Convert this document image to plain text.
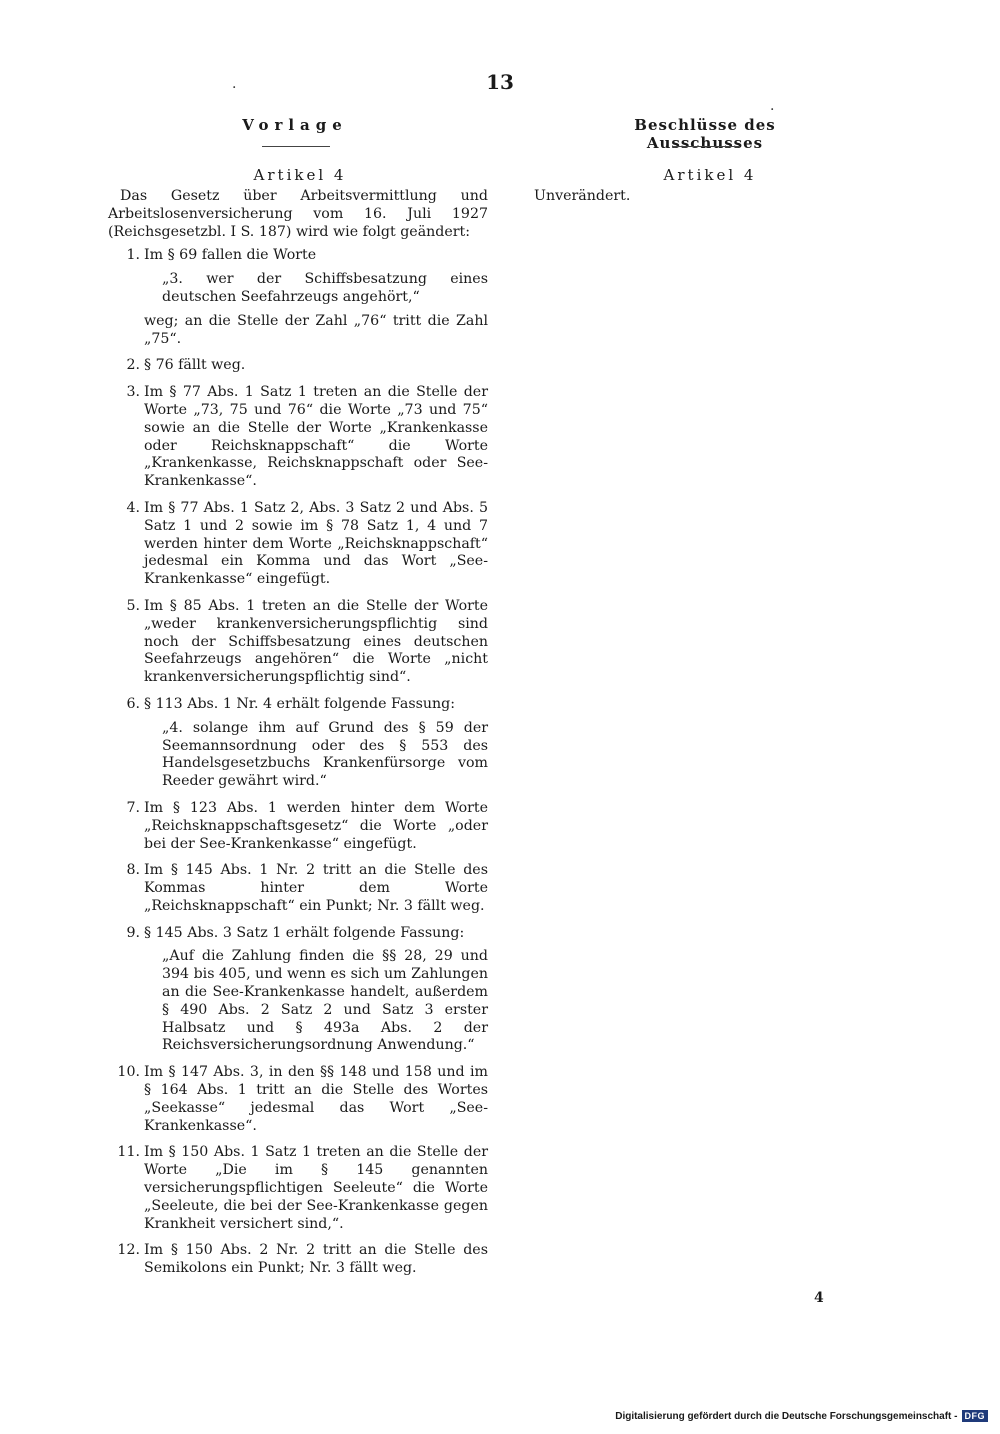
13
·
·
Vorlage	Beschlüsse des Ausschusses
Artikel 4	Artikel 4

Das Gesetz über Arbeitsvermittlung und Arbeitslosenversicherung vom 16. Juli 1927 (Reichsgesetzbl. I S. 187) wird wie folgt geändert:

1. Im § 69 fallen die Worte

„3. wer der Schiffsbesatzung eines deutschen Seefahrzeugs angehört,“

weg; an die Stelle der Zahl „76“ tritt die Zahl „75“.

2. § 76 fällt weg.

3. Im § 77 Abs. 1 Satz 1 treten an die Stelle der Worte „73, 75 und 76“ die Worte „73 und 75“ sowie an die Stelle der Worte „Krankenkasse oder Reichsknappschaft“ die Worte „Krankenkasse, Reichsknappschaft oder See-Krankenkasse“.

4. Im § 77 Abs. 1 Satz 2, Abs. 3 Satz 2 und Abs. 5 Satz 1 und 2 sowie im § 78 Satz 1, 4 und 7 werden hinter dem Worte „Reichsknappschaft“ jedesmal ein Komma und das Wort „See-Krankenkasse“ eingefügt.

5. Im § 85 Abs. 1 treten an die Stelle der Worte „weder krankenversicherungspflichtig sind noch der Schiffsbesatzung eines deutschen Seefahrzeugs angehören“ die Worte „nicht krankenversicherungspflichtig sind“.

6. § 113 Abs. 1 Nr. 4 erhält folgende Fassung:

„4. solange ihm auf Grund des § 59 der Seemannsordnung oder des § 553 des Handelsgesetzbuchs Krankenfürsorge vom Reeder gewährt wird.“

7. Im § 123 Abs. 1 werden hinter dem Worte „Reichsknappschaftsgesetz“ die Worte „oder bei der See-Krankenkasse“ eingefügt.

8. Im § 145 Abs. 1 Nr. 2 tritt an die Stelle des Kommas hinter dem Worte „Reichsknappschaft“ ein Punkt; Nr. 3 fällt weg.

9. § 145 Abs. 3 Satz 1 erhält folgende Fassung:

„Auf die Zahlung finden die §§ 28, 29 und 394 bis 405, und wenn es sich um Zahlungen an die See-Krankenkasse handelt, außerdem § 490 Abs. 2 Satz 2 und Satz 3 erster Halbsatz und § 493a Abs. 2 der Reichsversicherungsordnung Anwendung.“

10. Im § 147 Abs. 3, in den §§ 148 und 158 und im § 164 Abs. 1 tritt an die Stelle des Wortes „Seekasse“ jedesmal das Wort „See-Krankenkasse“.

11. Im § 150 Abs. 1 Satz 1 treten an die Stelle der Worte „Die im § 145 genannten versicherungspflichtigen Seeleute“ die Worte „Seeleute, die bei der See-Krankenkasse gegen Krankheit versichert sind,“.

12. Im § 150 Abs. 2 Nr. 2 tritt an die Stelle des Semikolons ein Punkt; Nr. 3 fällt weg.

Unverändert.

4
Digitalisierung gefördert durch die Deutsche Forschungsgemeinschaft - DFG
